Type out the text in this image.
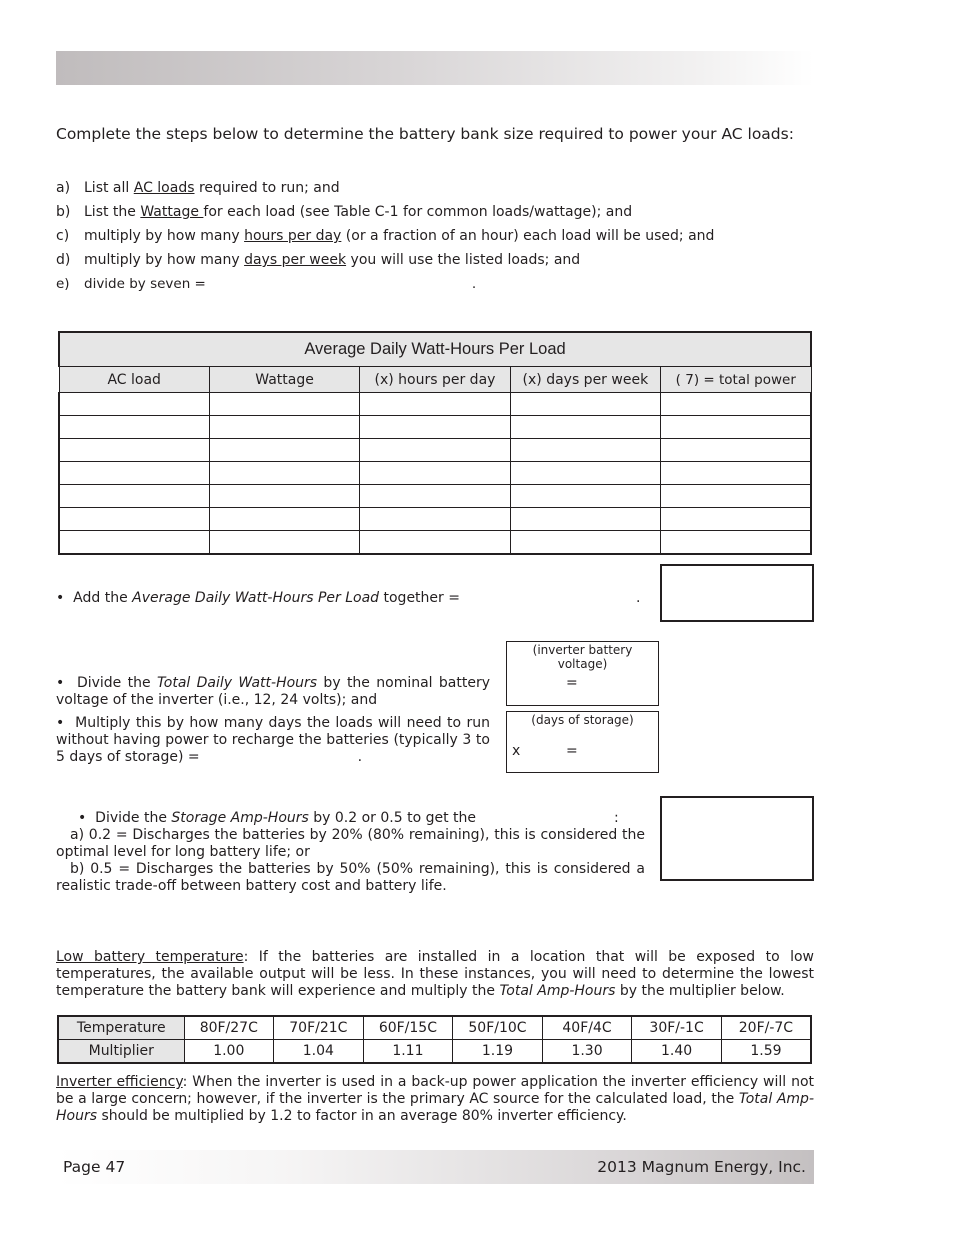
Complete the steps below to determine the battery bank size required to power your AC loads:
a) List all AC loads required to run; and
b) List the Wattage for each load (see Table C-1 for common loads/wattage); and
c) multiply by how many hours per day (or a fraction of an hour) each load will be used; and
d) multiply by how many days per week you will use the listed loads; and
e) divide by seven =	.
Average Daily Watt-Hours Per Load				
AC load	Wattage	(x) hours per day	(x) days per week	( 7) = total power

•  Add the Average Daily Watt-Hours Per Load together =	.
•  Divide the Total Daily Watt-Hours by the nominal battery voltage of the inverter (i.e., 12, 24 volts); and
(inverter battery voltage)
=
•  Multiply this by how many days the loads will need to run without having power to recharge the batteries (typically 3 to 5 days of storage) =	.
(days of storage)
x	=
•  Divide the Storage Amp-Hours by 0.2 or 0.5 to get the	:
a) 0.2 = Discharges the batteries by 20% (80% remaining), this is considered the optimal level for long battery life; or
b) 0.5 = Discharges the batteries by 50% (50% remaining), this is considered a realistic trade-off between battery cost and battery life.
Low battery temperature: If the batteries are installed in a location that will be exposed to low temperatures, the available output will be less. In these instances, you will need to determine the lowest temperature the battery bank will experience and multiply the Total Amp-Hours by the multiplier below.
Temperature	80F/27C	70F/21C	60F/15C	50F/10C	40F/4C	30F/-1C	20F/-7C
Multiplier	1.00	1.04	1.11	1.19	1.30	1.40	1.59
Inverter efficiency: When the inverter is used in a back-up power application the inverter efficiency will not be a large concern; however, if the inverter is the primary AC source for the calculated load, the Total Amp-Hours should be multiplied by 1.2 to factor in an average 80% inverter efficiency.
Page 47	2013 Magnum Energy, Inc.
